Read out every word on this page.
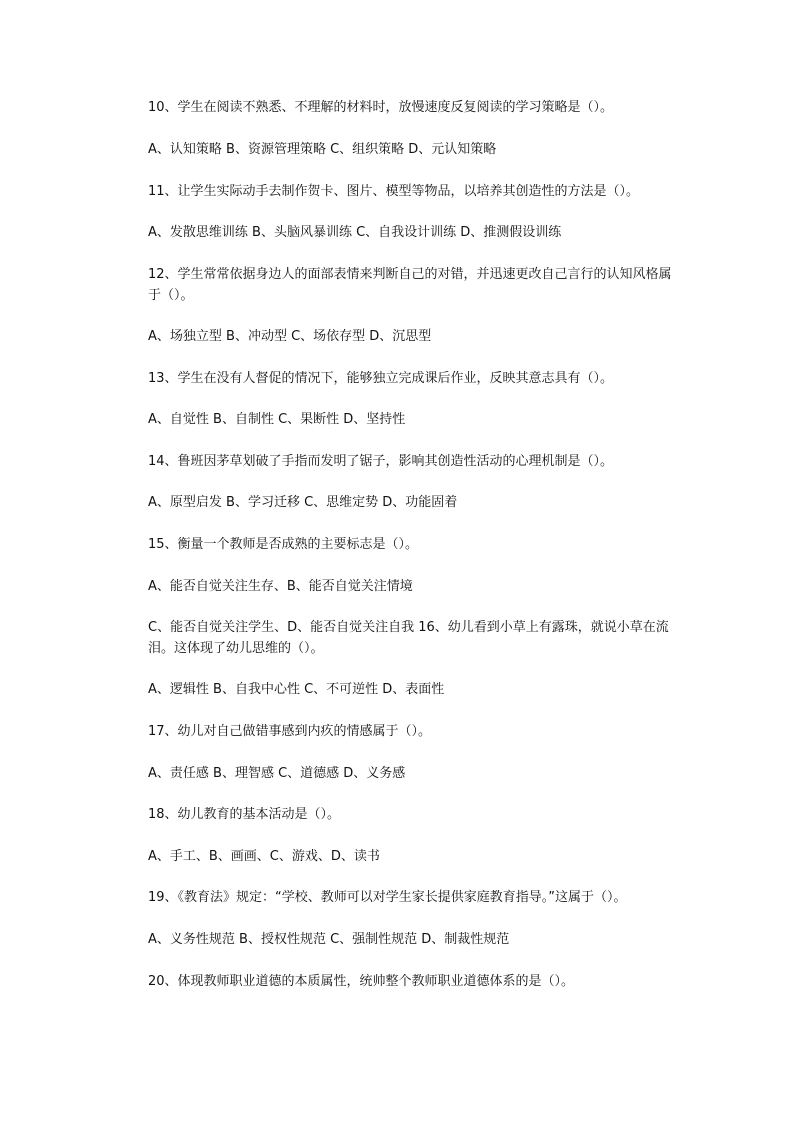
10、学生在阅读不熟悉、不理解的材料时，放慢速度反复阅读的学习策略是（）。

A、认知策略 B、资源管理策略 C、组织策略 D、元认知策略

11、让学生实际动手去制作贺卡、图片、模型等物品，以培养其创造性的方法是（）。

A、发散思维训练 B、头脑风暴训练 C、自我设计训练 D、推测假设训练

12、学生常常依据身边人的面部表情来判断自己的对错，并迅速更改自己言行的认知风格属于（）。

A、场独立型 B、冲动型 C、场依存型 D、沉思型

13、学生在没有人督促的情况下，能够独立完成课后作业，反映其意志具有（）。

A、自觉性 B、自制性 C、果断性 D、坚持性

14、鲁班因茅草划破了手指而发明了锯子，影响其创造性活动的心理机制是（）。

A、原型启发 B、学习迁移 C、思维定势 D、功能固着

15、衡量一个教师是否成熟的主要标志是（）。

A、能否自觉关注生存、B、能否自觉关注情境

C、能否自觉关注学生、D、能否自觉关注自我 16、幼儿看到小草上有露珠，就说小草在流泪。这体现了幼儿思维的（）。

A、逻辑性 B、自我中心性 C、不可逆性 D、表面性

17、幼儿对自己做错事感到内疚的情感属于（）。

A、责任感 B、理智感 C、道德感 D、义务感

18、幼儿教育的基本活动是（）。

A、手工、B、画画、C、游戏、D、读书

19、《教育法》规定：“学校、教师可以对学生家长提供家庭教育指导。”这属于（）。

A、义务性规范 B、授权性规范 C、强制性规范 D、制裁性规范

20、体现教师职业道德的本质属性，统帅整个教师职业道德体系的是（）。
